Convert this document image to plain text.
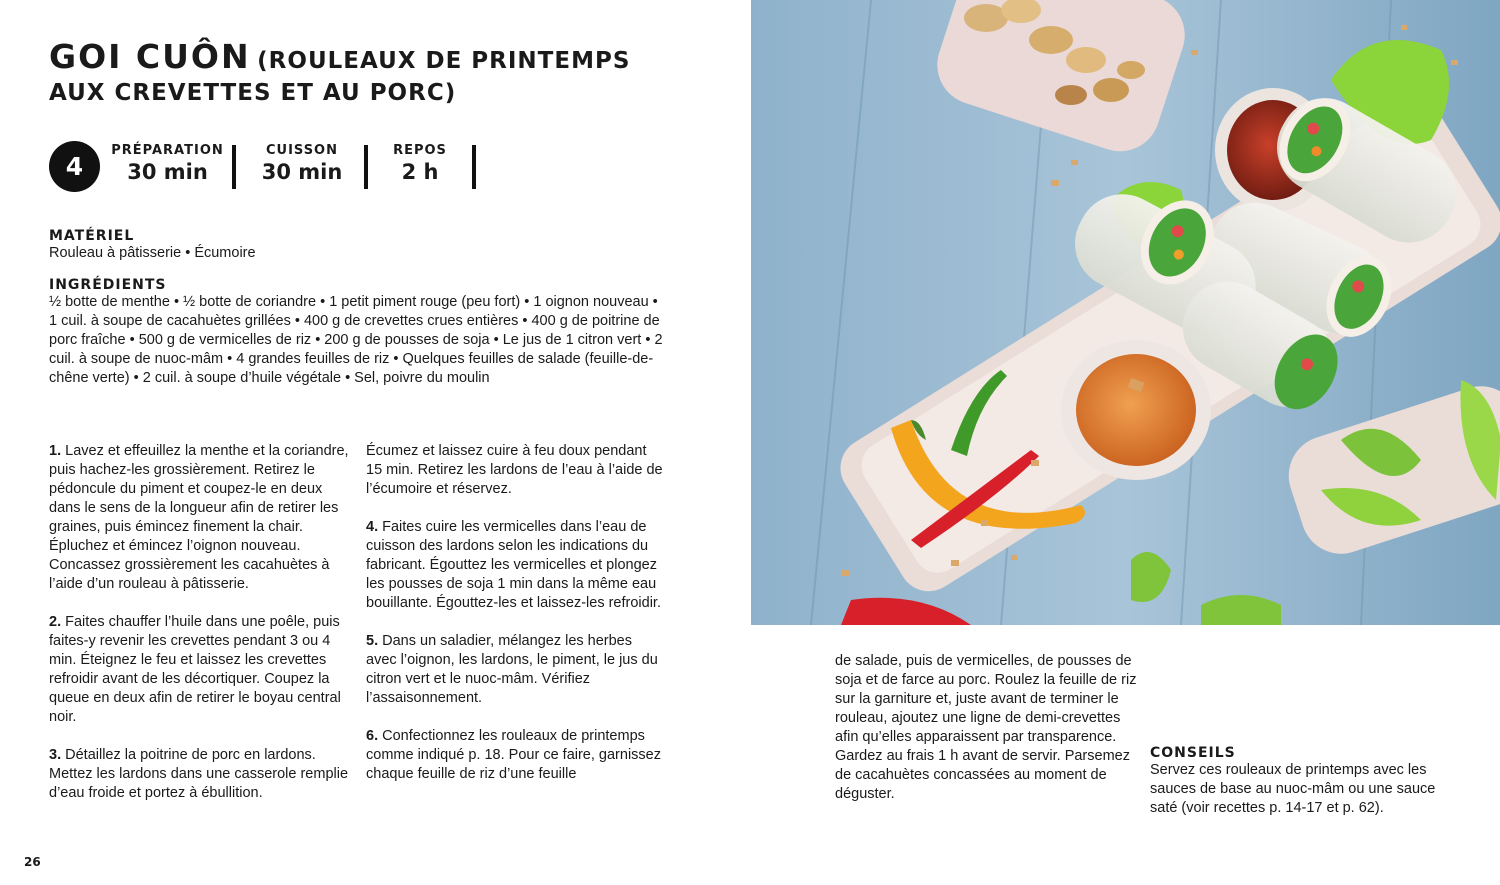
GOI CUÔN (ROULEAUX DE PRINTEMPS AUX CREVETTES ET AU PORC)
4
PRÉPARATION
30 min
CUISSON
30 min
REPOS
2 h
MATÉRIEL
Rouleau à pâtisserie • Écumoire
INGRÉDIENTS
½ botte de menthe • ½ botte de coriandre • 1 petit piment rouge (peu fort) • 1 oignon nouveau • 1 cuil. à soupe de cacahuètes grillées • 400 g de crevettes crues entières • 400 g de poitrine de porc fraîche • 500 g de vermicelles de riz • 200 g de pousses de soja • Le jus de 1 citron vert • 2 cuil. à soupe de nuoc-mâm • 4 grandes feuilles de riz • Quelques feuilles de salade (feuille-de-chêne verte) • 2 cuil. à soupe d’huile végétale • Sel, poivre du moulin

1. Lavez et effeuillez la menthe et la coriandre, puis hachez-les grossièrement. Retirez le pédoncule du piment et coupez-le en deux dans le sens de la longueur afin de retirer les graines, puis émincez finement la chair. Épluchez et émincez l’oignon nouveau. Concassez grossièrement les cacahuètes à l’aide d’un rouleau à pâtisserie.

2. Faites chauffer l’huile dans une poêle, puis faites-y revenir les crevettes pendant 3 ou 4 min. Éteignez le feu et laissez les crevettes refroidir avant de les décortiquer. Coupez la queue en deux afin de retirer le boyau central noir.

3. Détaillez la poitrine de porc en lardons. Mettez les lardons dans une casserole remplie d’eau froide et portez à ébullition.

Écumez et laissez cuire à feu doux pendant 15 min. Retirez les lardons de l’eau à l’aide de l’écumoire et réservez.

4. Faites cuire les vermicelles dans l’eau de cuisson des lardons selon les indications du fabricant. Égouttez les vermicelles et plongez les pousses de soja 1 min dans la même eau bouillante. Égouttez-les et laissez-les refroidir.

5. Dans un saladier, mélangez les herbes avec l’oignon, les lardons, le piment, le jus du citron vert et le nuoc-mâm. Vérifiez l’assaisonnement.

6. Confectionnez les rouleaux de printemps comme indiqué p. 18. Pour ce faire, garnissez chaque feuille de riz d’une feuille

de salade, puis de vermicelles, de pousses de soja et de farce au porc. Roulez la feuille de riz sur la garniture et, juste avant de terminer le rouleau, ajoutez une ligne de demi-crevettes afin qu’elles apparaissent par transparence. Gardez au frais 1 h avant de servir. Parsemez de cacahuètes concassées au moment de déguster.

CONSEILS
Servez ces rouleaux de printemps avec les sauces de base au nuoc-mâm ou une sauce saté (voir recettes p. 14-17 et p. 62).
26
